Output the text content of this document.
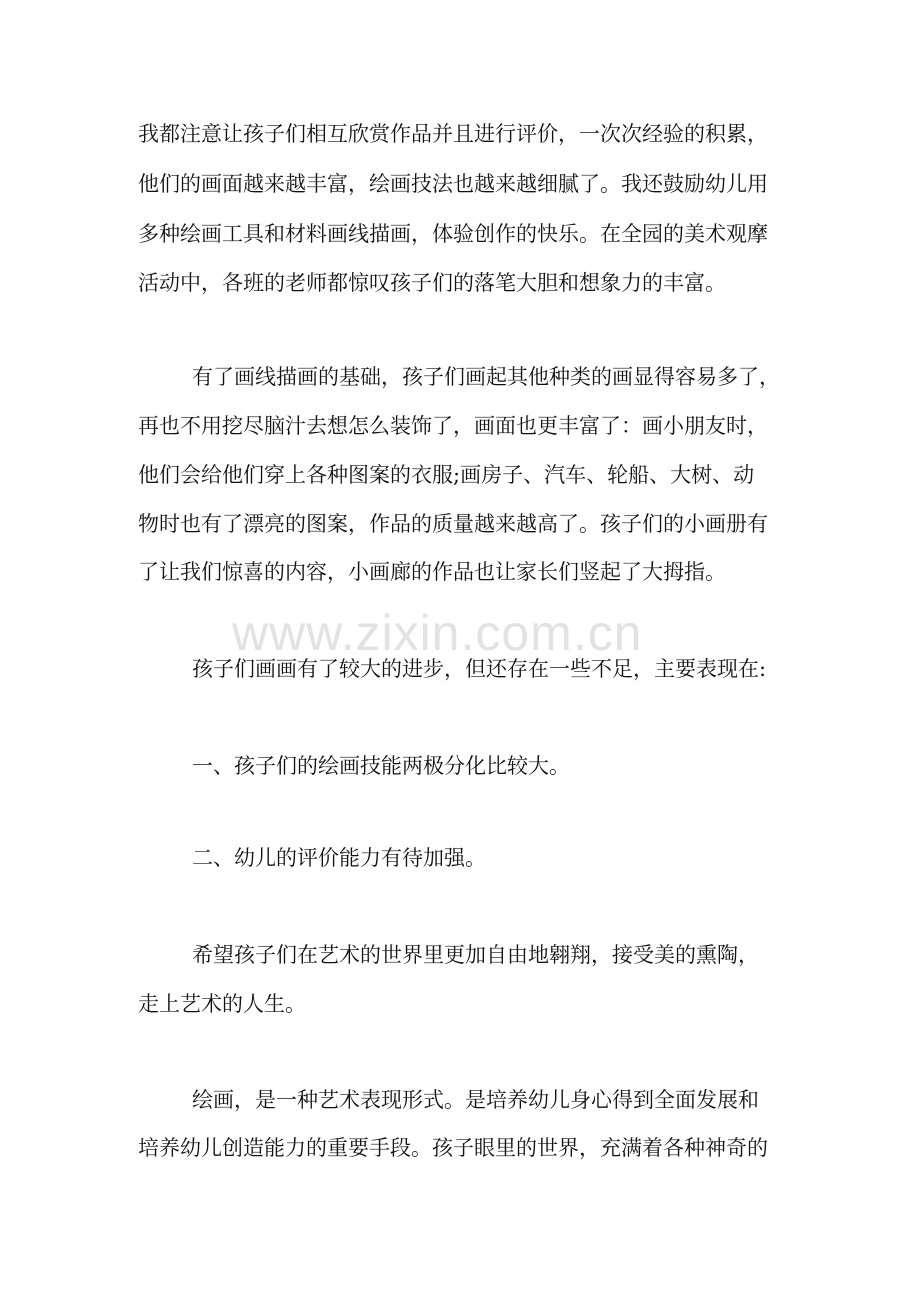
www.zixin.com.cn
我都注意让孩子们相互欣赏作品并且进行评价，一次次经验的积累，
他们的画面越来越丰富，绘画技法也越来越细腻了。我还鼓励幼儿用
多种绘画工具和材料画线描画，体验创作的快乐。在全园的美术观摩
活动中，各班的老师都惊叹孩子们的落笔大胆和想象力的丰富。
有了画线描画的基础，孩子们画起其他种类的画显得容易多了，
再也不用挖尽脑汁去想怎么装饰了，画面也更丰富了：画小朋友时，
他们会给他们穿上各种图案的衣服;画房子、汽车、轮船、大树、动
物时也有了漂亮的图案，作品的质量越来越高了。孩子们的小画册有
了让我们惊喜的内容，小画廊的作品也让家长们竖起了大拇指。
孩子们画画有了较大的进步，但还存在一些不足，主要表现在:
一、孩子们的绘画技能两极分化比较大。
二、幼儿的评价能力有待加强。
希望孩子们在艺术的世界里更加自由地翱翔，接受美的熏陶，
走上艺术的人生。
绘画，是一种艺术表现形式。是培养幼儿身心得到全面发展和
培养幼儿创造能力的重要手段。孩子眼里的世界，充满着各种神奇的
